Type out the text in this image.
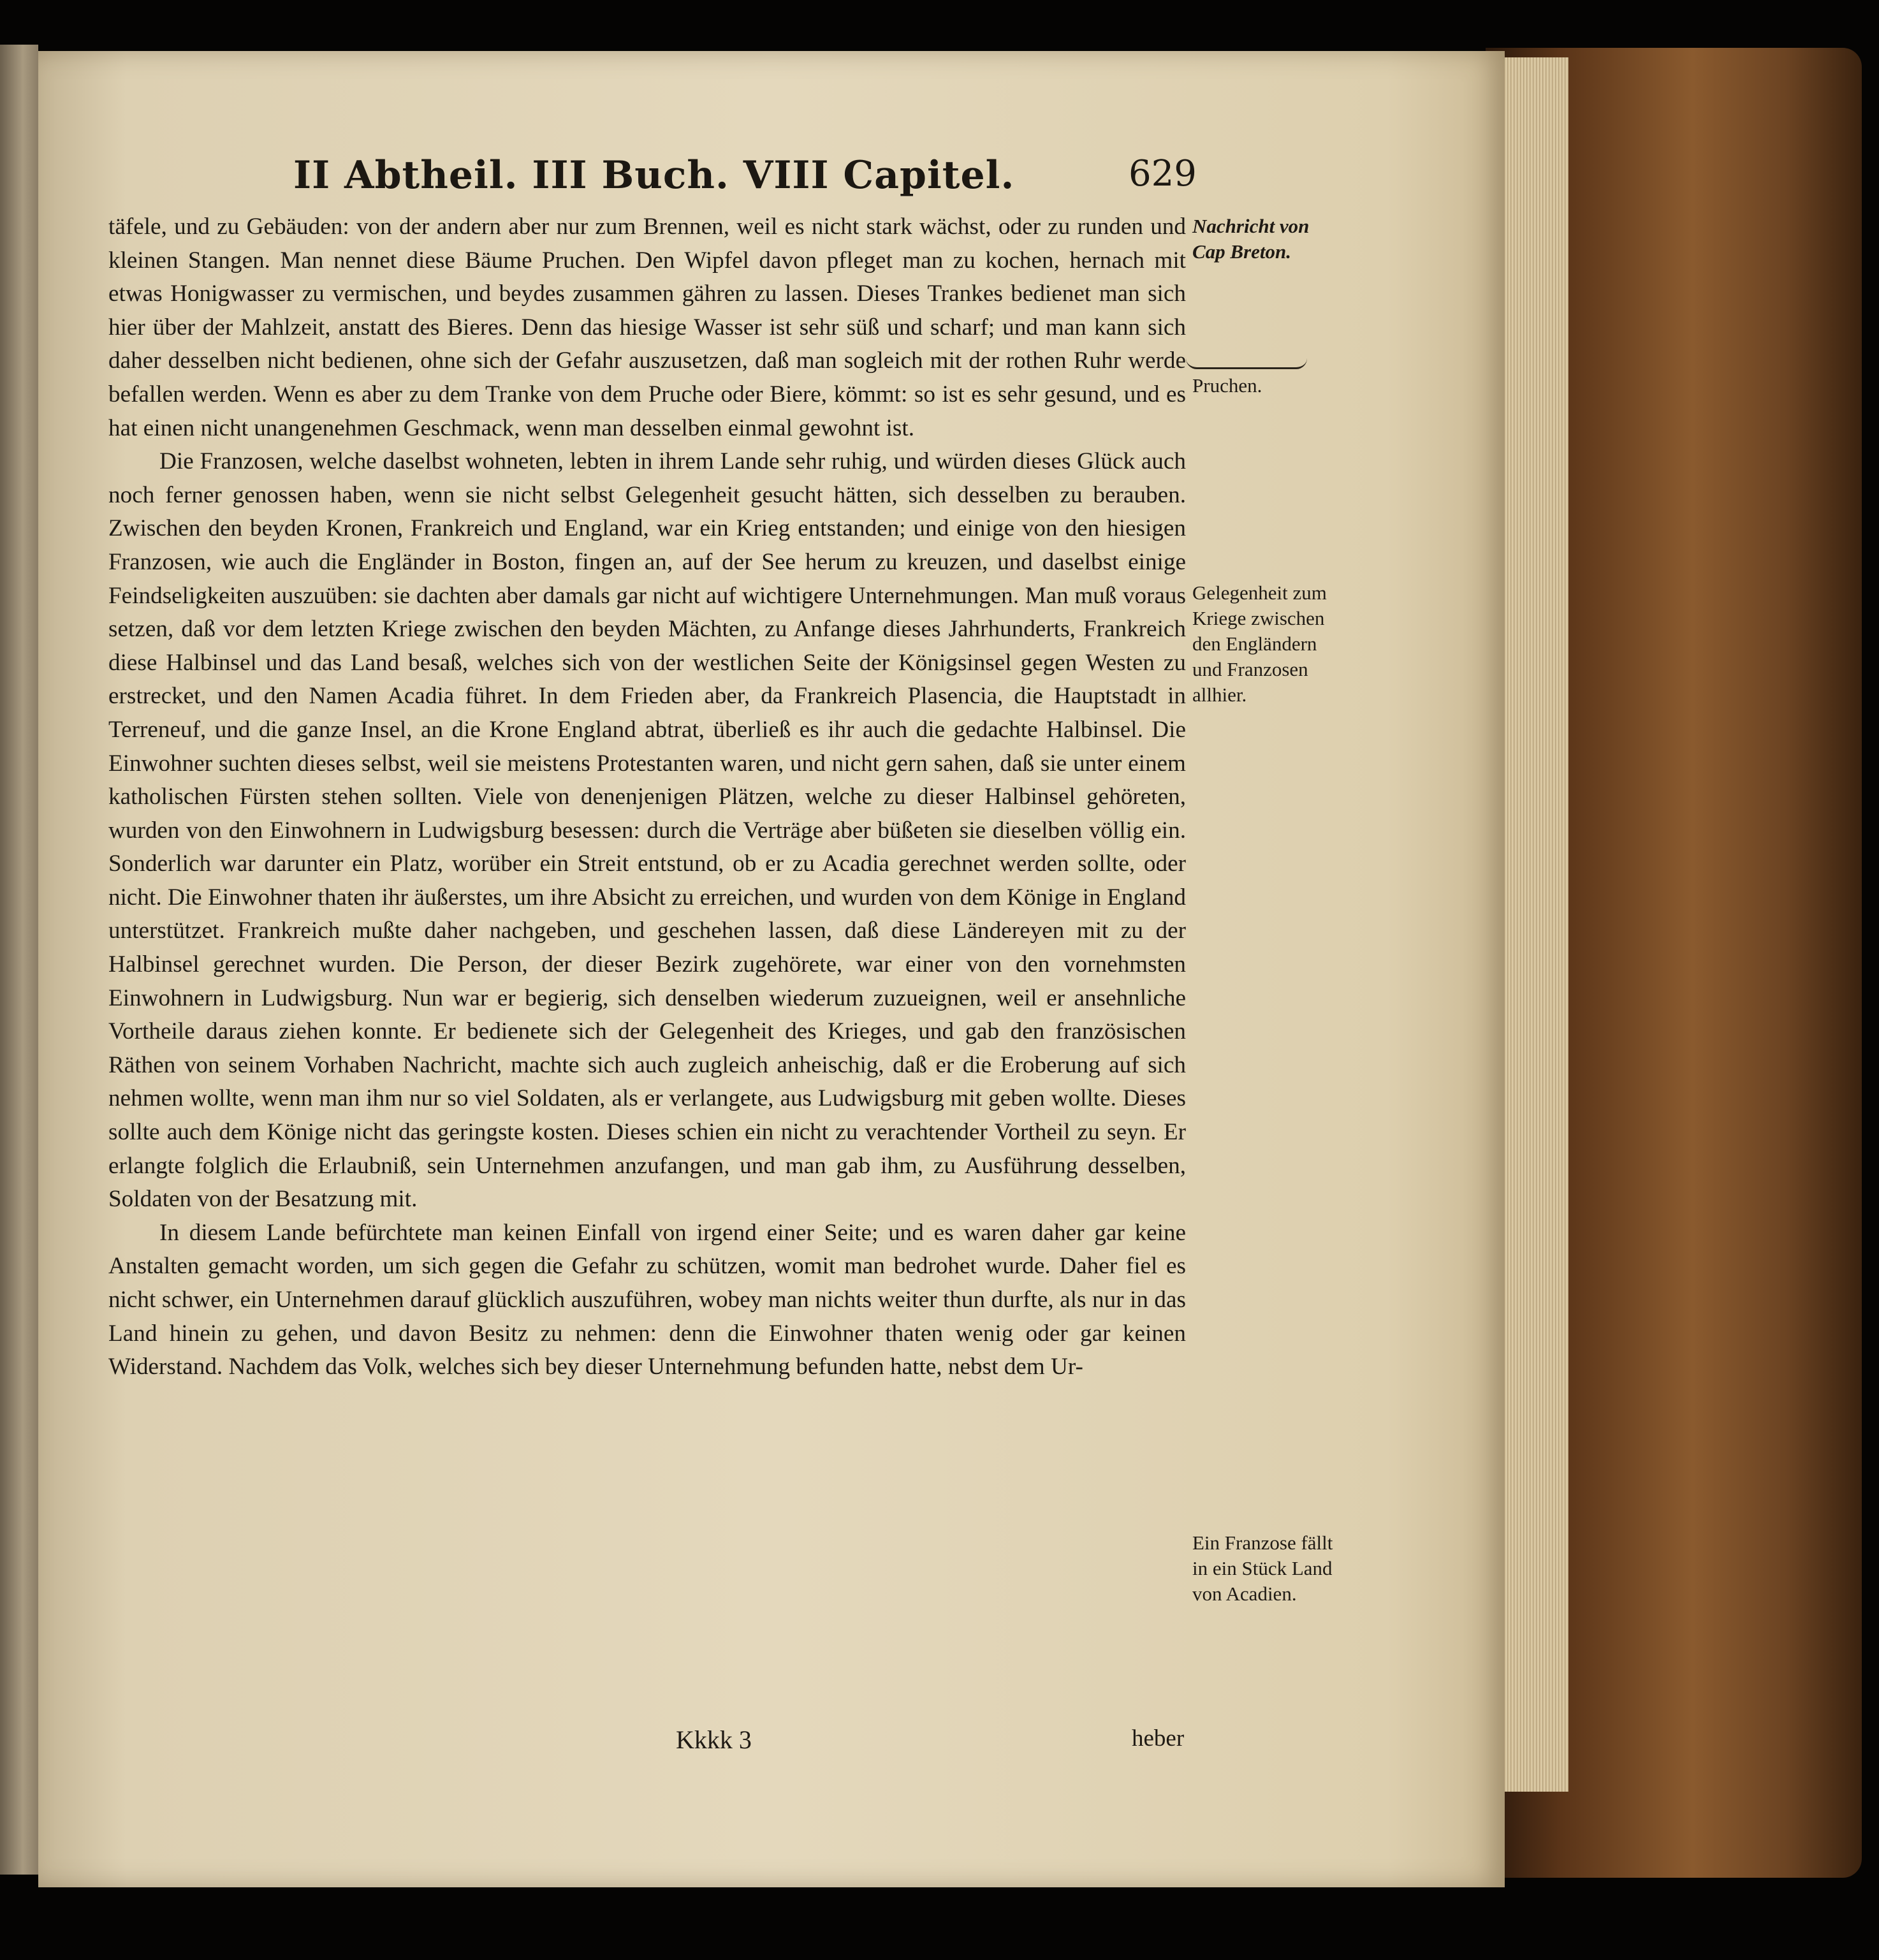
II Abtheil. III Buch. VIII Capitel.	629

täfele, und zu Gebäuden: von der andern aber nur zum Brennen, weil es nicht stark wächst, oder zu runden und kleinen Stangen. Man nennet diese Bäume Pruchen. Den Wipfel davon pfleget man zu kochen, hernach mit etwas Honigwasser zu vermischen, und beydes zusammen gähren zu lassen. Dieses Trankes bedienet man sich hier über der Mahlzeit, anstatt des Bieres. Denn das hiesige Wasser ist sehr süß und scharf; und man kann sich daher desselben nicht bedienen, ohne sich der Gefahr auszusetzen, daß man sogleich mit der rothen Ruhr werde befallen werden. Wenn es aber zu dem Tranke von dem Pruche oder Biere, kömmt: so ist es sehr gesund, und es hat einen nicht unangenehmen Geschmack, wenn man desselben einmal gewohnt ist.

Die Franzosen, welche daselbst wohneten, lebten in ihrem Lande sehr ruhig, und würden dieses Glück auch noch ferner genossen haben, wenn sie nicht selbst Gelegenheit gesucht hätten, sich desselben zu berauben. Zwischen den beyden Kronen, Frankreich und England, war ein Krieg entstanden; und einige von den hiesigen Franzosen, wie auch die Engländer in Boston, fingen an, auf der See herum zu kreuzen, und daselbst einige Feindseligkeiten auszuüben: sie dachten aber damals gar nicht auf wichtigere Unternehmungen. Man muß voraus setzen, daß vor dem letzten Kriege zwischen den beyden Mächten, zu Anfange dieses Jahrhunderts, Frankreich diese Halbinsel und das Land besaß, welches sich von der westlichen Seite der Königsinsel gegen Westen zu erstrecket, und den Namen Acadia führet. In dem Frieden aber, da Frankreich Plasencia, die Hauptstadt in Terreneuf, und die ganze Insel, an die Krone England abtrat, überließ es ihr auch die gedachte Halbinsel. Die Einwohner suchten dieses selbst, weil sie meistens Protestanten waren, und nicht gern sahen, daß sie unter einem katholischen Fürsten stehen sollten. Viele von denenjenigen Plätzen, welche zu dieser Halbinsel gehöreten, wurden von den Einwohnern in Ludwigsburg besessen: durch die Verträge aber büßeten sie dieselben völlig ein. Sonderlich war darunter ein Platz, worüber ein Streit entstund, ob er zu Acadia gerechnet werden sollte, oder nicht. Die Einwohner thaten ihr äußerstes, um ihre Absicht zu erreichen, und wurden von dem Könige in England unterstützet. Frankreich mußte daher nachgeben, und geschehen lassen, daß diese Ländereyen mit zu der Halbinsel gerechnet wurden. Die Person, der dieser Bezirk zugehörete, war einer von den vornehmsten Einwohnern in Ludwigsburg. Nun war er begierig, sich denselben wiederum zuzueignen, weil er ansehnliche Vortheile daraus ziehen konnte. Er bedienete sich der Gelegenheit des Krieges, und gab den französischen Räthen von seinem Vorhaben Nachricht, machte sich auch zugleich anheischig, daß er die Eroberung auf sich nehmen wollte, wenn man ihm nur so viel Soldaten, als er verlangete, aus Ludwigsburg mit geben wollte. Dieses sollte auch dem Könige nicht das geringste kosten. Dieses schien ein nicht zu verachtender Vortheil zu seyn. Er erlangte folglich die Erlaubniß, sein Unternehmen anzufangen, und man gab ihm, zu Ausführung desselben, Soldaten von der Besatzung mit.

In diesem Lande befürchtete man keinen Einfall von irgend einer Seite; und es waren daher gar keine Anstalten gemacht worden, um sich gegen die Gefahr zu schützen, womit man bedrohet wurde. Daher fiel es nicht schwer, ein Unternehmen darauf glücklich auszuführen, wobey man nichts weiter thun durfte, als nur in das Land hinein zu gehen, und davon Besitz zu nehmen: denn die Einwohner thaten wenig oder gar keinen Widerstand. Nachdem das Volk, welches sich bey dieser Unternehmung befunden hatte, nebst dem Ur-

Nachricht von Cap Breton.
Pruchen.
Gelegenheit zum Kriege zwischen den Engländern und Franzosen allhier.
Ein Franzose fällt in ein Stück Land von Acadien.
Kkkk 3	heber
